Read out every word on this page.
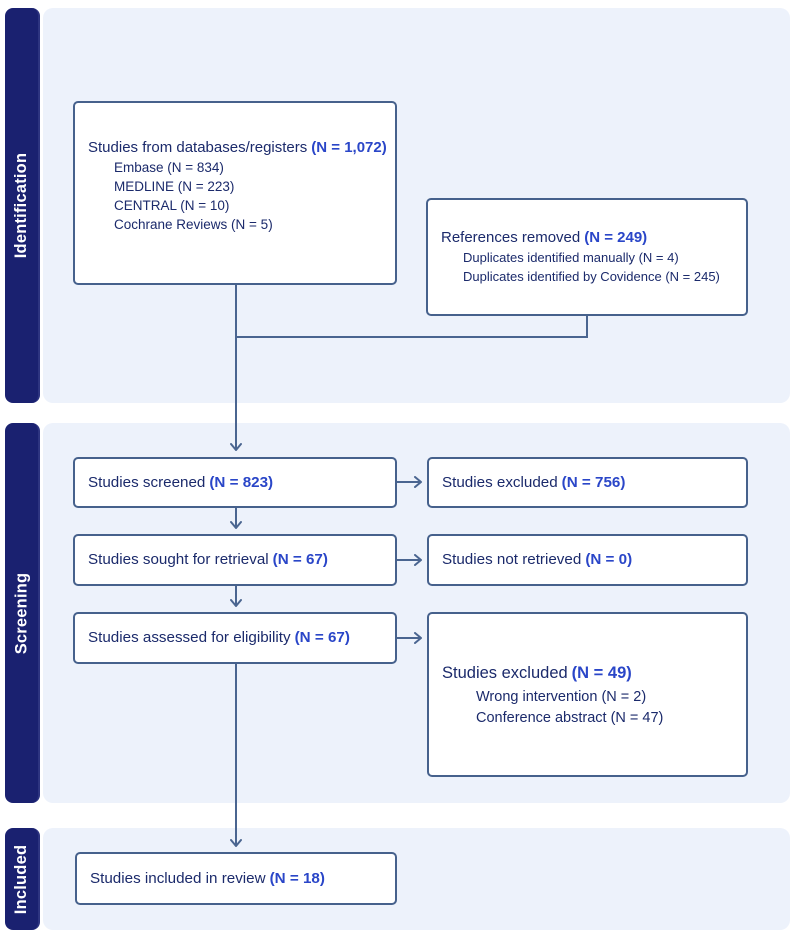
Identification
Screening
Included
Studies from databases/registers (N = 1,072)
Embase (N = 834)
MEDLINE (N = 223)
CENTRAL (N = 10)
Cochrane Reviews (N = 5)
References removed (N = 249)
Duplicates identified manually (N = 4)
Duplicates identified by Covidence (N = 245)
Studies screened (N = 823)	Studies excluded (N = 756)
Studies sought for retrieval (N = 67)	Studies not retrieved (N = 0)
Studies assessed for eligibility (N = 67)
Studies excluded (N = 49)
Wrong intervention (N = 2)
Conference abstract (N = 47)
Studies included in review (N = 18)
